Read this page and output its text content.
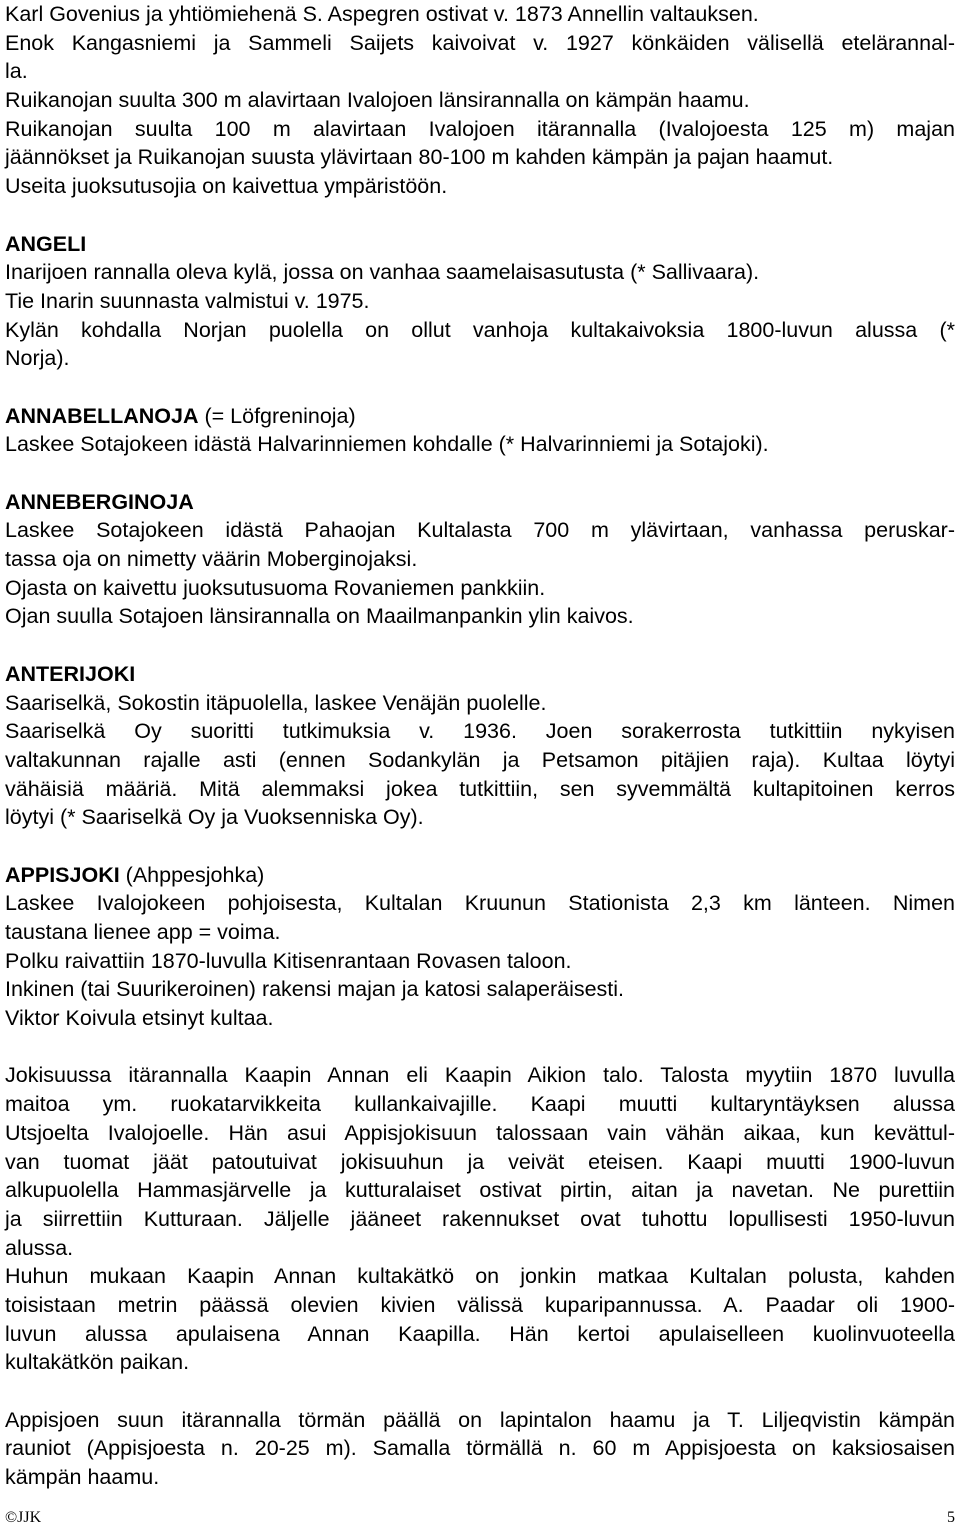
Karl Govenius ja yhtiömiehenä S. Aspegren ostivat v. 1873 Annellin valtauksen.
Enok Kangasniemi ja Sammeli Saijets kaivoivat v. 1927 könkäiden välisellä etelärannal-
la.
Ruikanojan suulta 300 m alavirtaan Ivalojoen länsirannalla on kämpän haamu.
Ruikanojan suulta 100 m alavirtaan Ivalojoen itärannalla (Ivalojoesta 125 m) majan
jäännökset ja Ruikanojan suusta ylävirtaan 80-100 m kahden kämpän ja pajan haamut.
Useita juoksutusojia on kaivettua ympäristöön.
ANGELI
Inarijoen rannalla oleva kylä, jossa on vanhaa saamelaisasutusta (* Sallivaara).
Tie Inarin suunnasta valmistui v. 1975.
Kylän kohdalla Norjan puolella on ollut vanhoja kultakaivoksia 1800-luvun alussa (*
Norja).
ANNABELLANOJA (= Löfgreninoja)
Laskee Sotajokeen idästä Halvarinniemen kohdalle (* Halvarinniemi ja Sotajoki).
ANNEBERGINOJA
Laskee Sotajokeen idästä Pahaojan Kultalasta 700 m ylävirtaan, vanhassa peruskar-
tassa oja on nimetty väärin Moberginojaksi.
Ojasta on kaivettu juoksutusuoma Rovaniemen pankkiin.
Ojan suulla Sotajoen länsirannalla on Maailmanpankin ylin kaivos.
ANTERIJOKI
Saariselkä, Sokostin itäpuolella, laskee Venäjän puolelle.
Saariselkä Oy suoritti tutkimuksia v. 1936. Joen sorakerrosta tutkittiin nykyisen
valtakunnan rajalle asti (ennen Sodankylän ja Petsamon pitäjien raja). Kultaa löytyi
vähäisiä määriä. Mitä alemmaksi jokea tutkittiin, sen syvemmältä kultapitoinen kerros
löytyi (* Saariselkä Oy ja Vuoksenniska Oy).
APPISJOKI (Ahppesjohka)
Laskee Ivalojokeen pohjoisesta, Kultalan Kruunun Stationista 2,3 km länteen. Nimen
taustana lienee app = voima.
Polku raivattiin 1870-luvulla Kitisenrantaan Rovasen taloon.
Inkinen (tai Suurikeroinen) rakensi majan ja katosi salaperäisesti.
Viktor Koivula etsinyt kultaa.
Jokisuussa itärannalla Kaapin Annan eli Kaapin Aikion talo. Talosta myytiin 1870 luvulla
maitoa ym. ruokatarvikkeita kullankaivajille. Kaapi muutti kultaryntäyksen alussa
Utsjoelta Ivalojoelle. Hän asui Appisjokisuun talossaan vain vähän aikaa, kun kevättul-
van tuomat jäät patoutuivat jokisuuhun ja veivät eteisen. Kaapi muutti 1900-luvun
alkupuolella Hammasjärvelle ja kutturalaiset ostivat pirtin, aitan ja navetan. Ne purettiin
ja siirrettiin Kutturaan. Jäljelle jääneet rakennukset ovat tuhottu lopullisesti 1950-luvun
alussa.
Huhun mukaan Kaapin Annan kultakätkö on jonkin matkaa Kultalan polusta, kahden
toisistaan metrin päässä olevien kivien välissä kuparipannussa. A. Paadar oli 1900-
luvun alussa apulaisena Annan Kaapilla. Hän kertoi apulaiselleen kuolinvuoteella
kultakätkön paikan.
Appisjoen suun itärannalla törmän päällä on lapintalon haamu ja T. Liljeqvistin kämpän
rauniot (Appisjoesta n. 20-25 m). Samalla törmällä n. 60 m Appisjoesta on kaksiosaisen
kämpän haamu.
©JJK	5
